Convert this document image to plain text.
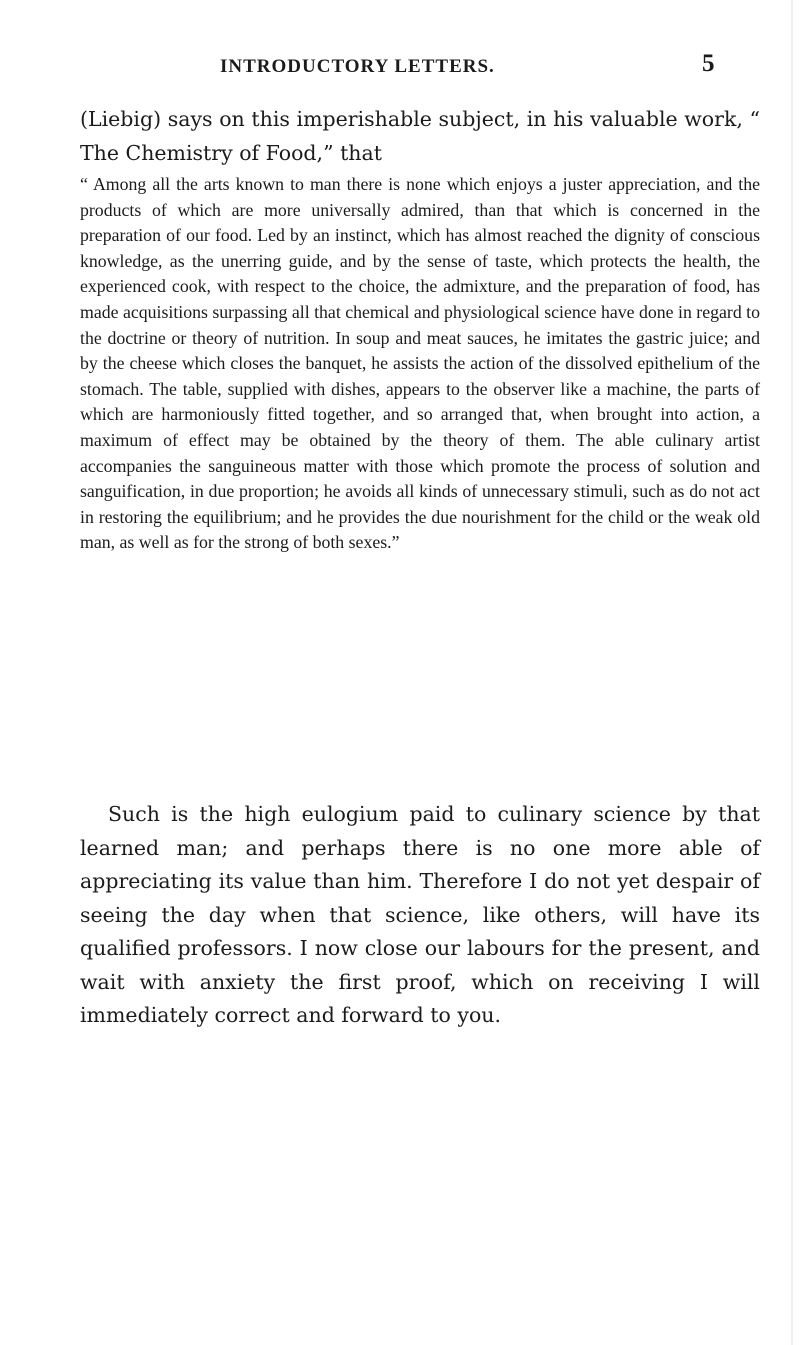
INTRODUCTORY LETTERS.	5

(Liebig) says on this imperishable subject, in his valuable work, “ The Chemistry of Food,” that

“ Among all the arts known to man there is none which enjoys a juster appreciation, and the products of which are more universally admired, than that which is concerned in the preparation of our food. Led by an instinct, which has almost reached the dignity of conscious knowledge, as the unerring guide, and by the sense of taste, which protects the health, the experienced cook, with respect to the choice, the admixture, and the preparation of food, has made acquisitions surpassing all that chemical and physiological science have done in regard to the doctrine or theory of nutrition. In soup and meat sauces, he imitates the gastric juice; and by the cheese which closes the banquet, he assists the action of the dissolved epithelium of the stomach. The table, supplied with dishes, appears to the observer like a machine, the parts of which are harmoniously fitted together, and so arranged that, when brought into action, a maximum of effect may be obtained by the theory of them. The able culinary artist accompanies the sanguineous matter with those which promote the process of solution and sanguification, in due proportion; he avoids all kinds of unnecessary stimuli, such as do not act in restoring the equilibrium; and he provides the due nourishment for the child or the weak old man, as well as for the strong of both sexes.”

Such is the high eulogium paid to culinary science by that learned man; and perhaps there is no one more able of appreciating its value than him. Therefore I do not yet despair of seeing the day when that science, like others, will have its qualified professors. I now close our labours for the present, and wait with anxiety the first proof, which on receiving I will immediately correct and forward to you.
